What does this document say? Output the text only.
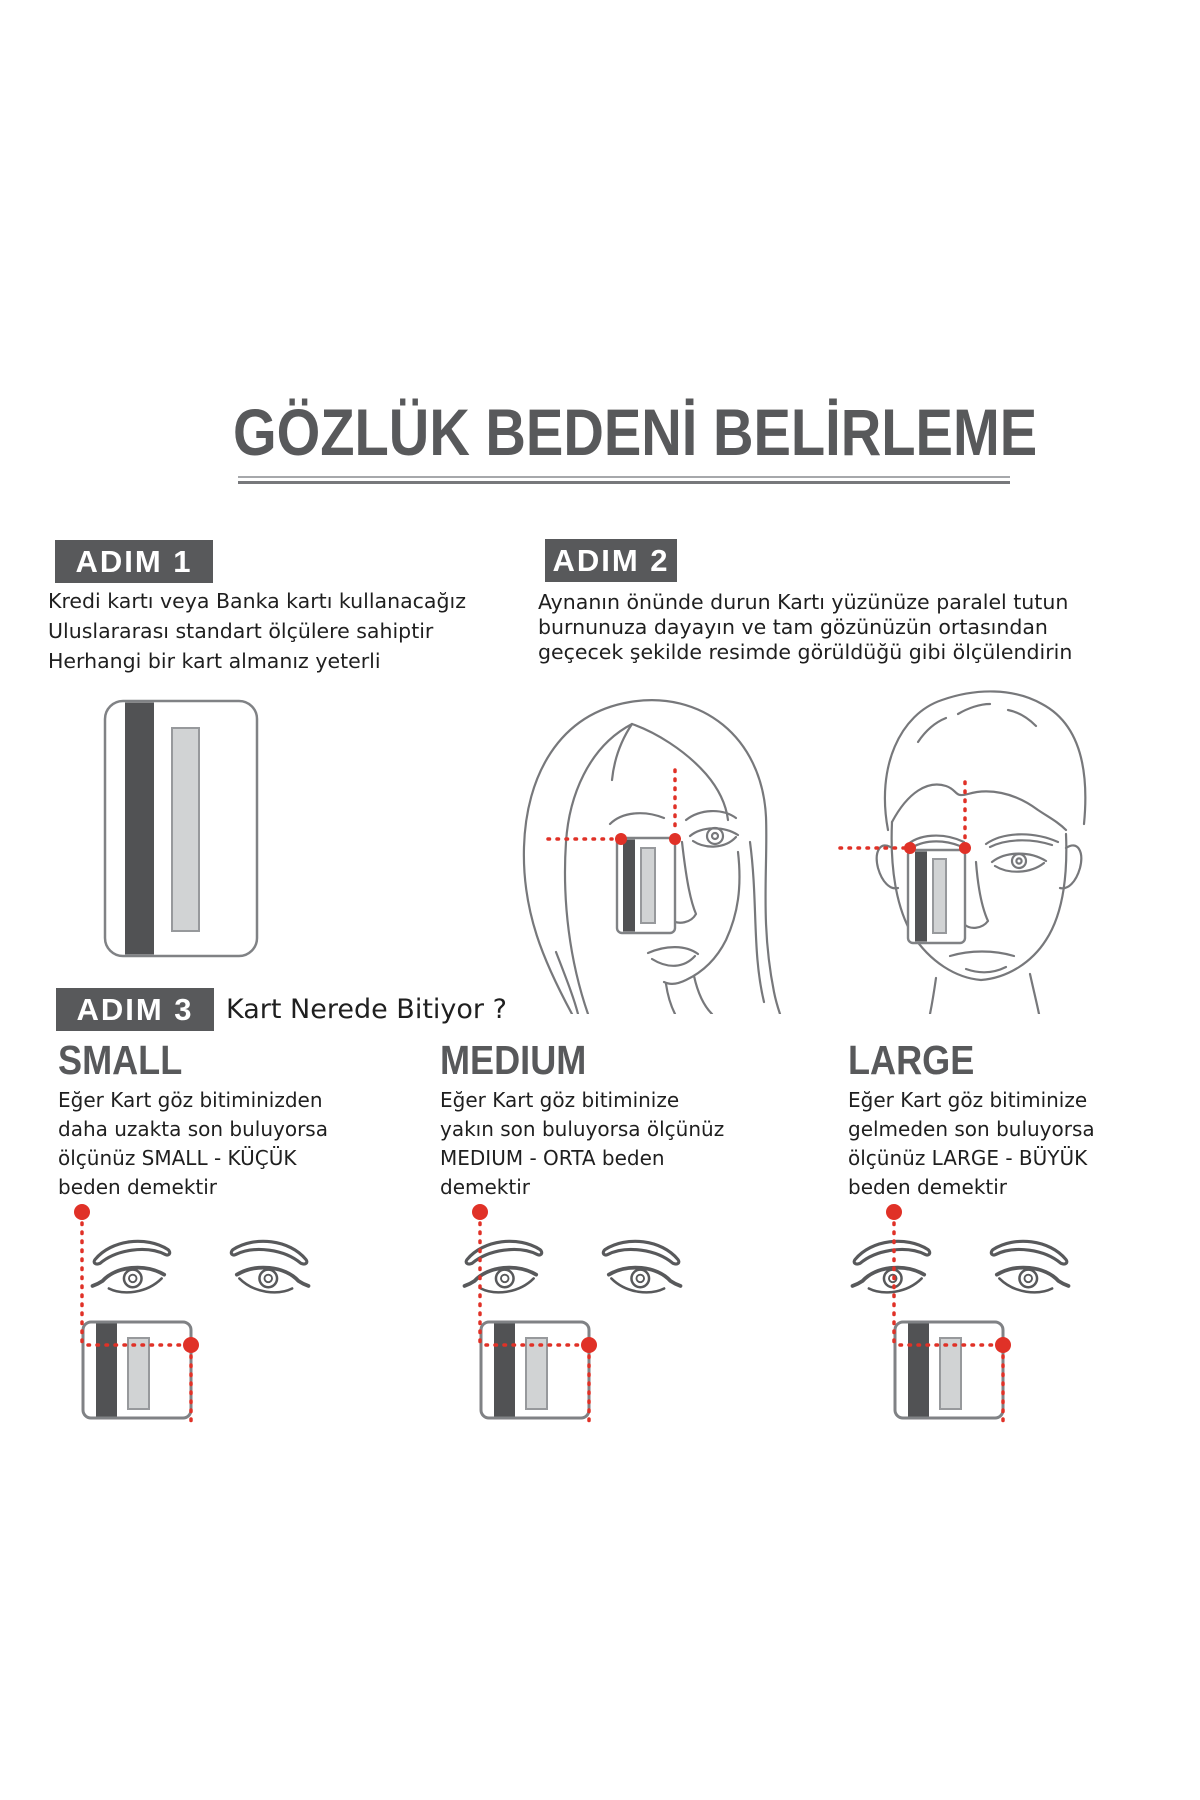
GÖZLÜK BEDENİ BELİRLEME
ADIM 1
Kredi kartı veya Banka kartı kullanacağız
Uluslararası standart ölçülere sahiptir
Herhangi bir kart almanız yeterli
ADIM 2
Aynanın önünde durun Kartı yüzünüze paralel tutun
burnunuza dayayın ve tam gözünüzün ortasından
geçecek şekilde resimde görüldüğü gibi ölçülendirin
ADIM 3	Kart Nerede Bitiyor ?
SMALL	MEDIUM	LARGE
Eğer Kart göz bitiminizden
daha uzakta son buluyorsa
ölçünüz SMALL - KÜÇÜK
beden demektir
Eğer Kart göz bitiminize
yakın son buluyorsa ölçünüz
MEDIUM - ORTA beden
demektir
Eğer Kart göz bitiminize
gelmeden son buluyorsa
ölçünüz LARGE - BÜYÜK
beden demektir
